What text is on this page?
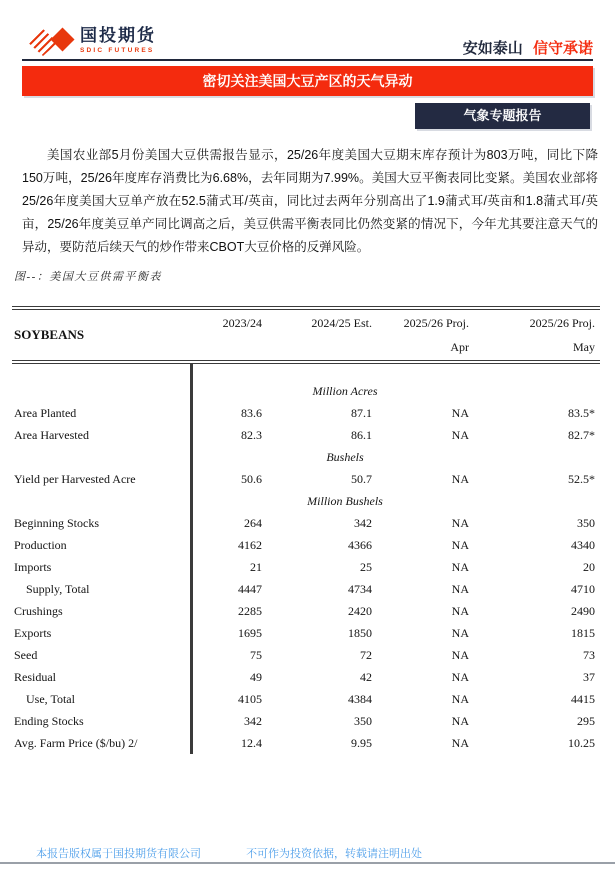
国投期货
SDIC FUTURES	安如泰山 信守承诺
密切关注美国大豆产区的天气异动
气象专题报告
美国农业部5月份美国大豆供需报告显示，25/26年度美国大豆期末库存预计为803万吨，同比下降150万吨，25/26年度库存消费比为6.68%，去年同期为7.99%。美国大豆平衡表同比变紧。美国农业部将25/26年度美国大豆单产放在52.5蒲式耳/英亩，同比过去两年分别高出了1.9蒲式耳/英亩和1.8蒲式耳/英亩，25/26年度美豆单产同比调高之后，美豆供需平衡表同比仍然变紧的情况下，今年尤其要注意天气的异动，要防范后续天气的炒作带来CBOT大豆价格的反弹风险。
图--：美国大豆供需平衡表
SOYBEANS
2023/24	2024/25 Est.	2025/26 Proj.	2025/26 Proj.
Apr	May
Million Acres
Area Planted	83.6	87.1	NA	83.5*
Area Harvested	82.3	86.1	NA	82.7*
Bushels
Yield per Harvested Acre	50.6	50.7	NA	52.5*
Million Bushels
Beginning Stocks	264	342	NA	350
Production	4162	4366	NA	4340
Imports	21	25	NA	20
Supply, Total	4447	4734	NA	4710
Crushings	2285	2420	NA	2490
Exports	1695	1850	NA	1815
Seed	75	72	NA	73
Residual	49	42	NA	37
Use, Total	4105	4384	NA	4415
Ending Stocks	342	350	NA	295
Avg. Farm Price ($/bu) 2/	12.4	9.95	NA	10.25
本报告版权属于国投期货有限公司	不可作为投资依据，转载请注明出处
